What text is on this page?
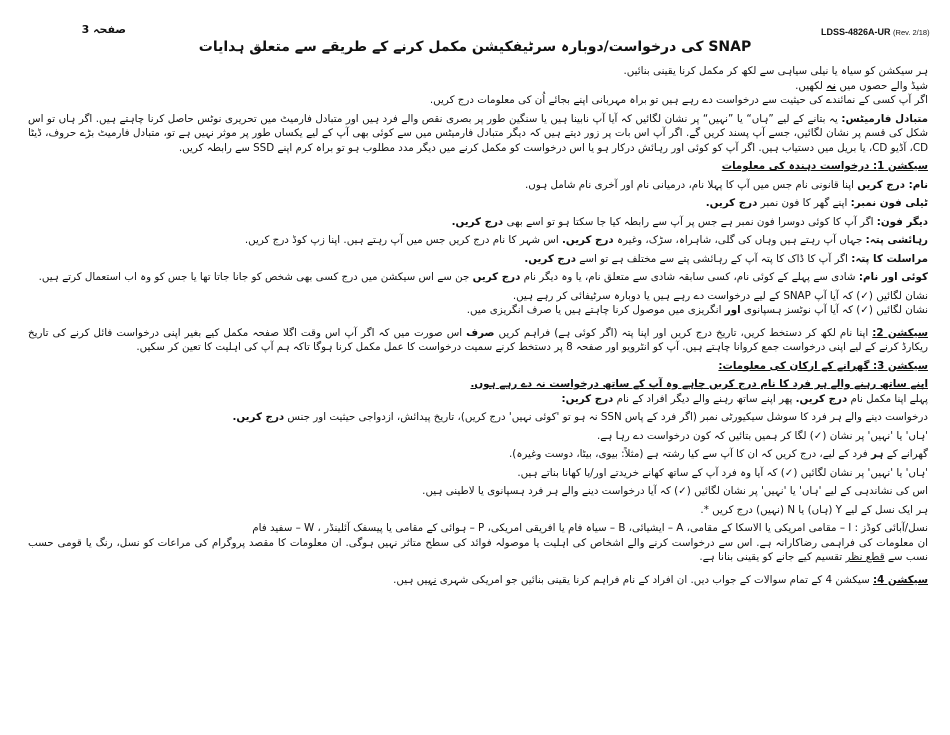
LDSS-4826A-UR (Rev. 2/18)
صفحہ 3
SNAP کی درخواست/دوبارہ سرٹیفکیشن مکمل کرنے کے طریقے سے متعلق ہدایات

ہر سیکشن کو سیاہ یا نیلی سیاہی سے لکھ کر مکمل کرنا یقینی بنائیں.

شیڈ والے حصوں میں نہ لکھیں.

اگر آپ کسی کے نمائندے کی حیثیت سے درخواست دے رہے ہیں تو براہ مہربانی اپنے بجائے اُن کی معلومات درج کریں.

متبادل فارمیٹس: یہ بتانے کے لیے ”ہاں“ یا ”نہیں“ پر نشان لگائیں کہ آیا آپ نابینا ہیں یا سنگین طور پر بصری نقص والے فرد ہیں اور متبادل فارمیٹ میں تحریری نوٹس حاصل کرنا چاہتے ہیں. اگر ہاں تو اس شکل کی قسم پر نشان لگائیں، جسے آپ پسند کریں گے. اگر آپ اس بات پر زور دیتے ہیں کہ دیگر متبادل فارمیٹس میں سے کوئی بھی آپ کے لیے یکساں طور پر موثر نہیں ہے تو، متبادل فارمیٹ بڑے حروف، ڈیٹا CD، آڈیو CD، یا بریل میں دستیاب ہیں. اگر آپ کو کوئی اور رہائش درکار ہو یا اس درخواست کو مکمل کرنے میں دیگر مدد مطلوب ہو تو براہ کرم اپنے SSD سے رابطہ کریں.

سیکشن 1: درخواست دہندہ کی معلومات

نام: درج کریں اپنا قانونی نام جس میں آپ کا پہلا نام، درمیانی نام اور آخری نام شامل ہوں.

ٹیلی فون نمبر: اپنے گھر کا فون نمبر درج کریں.

دیگر فون: اگر آپ کا کوئی دوسرا فون نمبر ہے جس پر آپ سے رابطہ کیا جا سکتا ہو تو اسے بھی درج کریں.

رہائشی پتہ: جہاں آپ رہتے ہیں وہاں کی گلی، شاہراہ، سڑک، وغیرہ درج کریں. اس شہر کا نام درج کریں جس میں آپ رہتے ہیں. اپنا زپ کوڈ درج کریں.

مراسلت کا پتہ: اگر آپ کا ڈاک کا پتہ آپ کے رہائشی پتے سے مختلف ہے تو اسے درج کریں.

کوئی اور نام: شادی سے پہلے کے کوئی نام، کسی سابقہ شادی سے متعلق نام، یا وہ دیگر نام درج کریں جن سے اس سیکشن میں درج کسی بھی شخص کو جانا جاتا تھا یا جس کو وہ اب استعمال کرتے ہیں.

نشان لگائیں (✓) کہ آیا آپ SNAP کے لیے درخواست دے رہے ہیں یا دوبارہ سرٹیفائی کر رہے ہیں.

نشان لگائیں (✓) کہ آیا آپ نوٹسز ہسپانوی اور انگریزی میں موصول کرنا چاہتے ہیں یا صرف انگریزی میں.

سیکشن 2: اپنا نام لکھ کر دستخط کریں، تاریخ درج کریں اور اپنا پتہ (اگر کوئی ہے) فراہم کریں صرف اس صورت میں کہ اگر آپ اس وقت اگلا صفحہ مکمل کیے بغیر اپنی درخواست فائل کرنے کی تاریخ ریکارڈ کرنے کے لیے اپنی درخواست جمع کروانا چاہتے ہیں. آپ کو انٹرویو اور صفحہ 8 پر دستخط کرنے سمیت درخواست کا عمل مکمل کرنا ہوگا تاکہ ہم آپ کی اہلیت کا تعین کر سکیں.

سیکشن 3: گھرانے کے ارکان کی معلومات:

اپنے ساتھ رہنے والے ہر فرد کا نام درج کریں چاہے وہ آپ کے ساتھ درخواست نہ دے رہے ہوں.

پہلے اپنا مکمل نام درج کریں. پھر اپنے ساتھ رہنے والے دیگر افراد کے نام درج کریں:

درخواست دینے والے ہر فرد کا سوشل سیکیورٹی نمبر (اگر فرد کے پاس SSN نہ ہو تو 'کوئی نہیں' درج کریں)، تاریخ پیدائش، ازدواجی حیثیت اور جنس درج کریں.

'ہاں' یا 'نہیں' پر نشان (✓) لگا کر ہمیں بتائیں کہ کون درخواست دے رہا ہے.

گھرانے کے ہر فرد کے لیے، درج کریں کہ ان کا آپ سے کیا رشتہ ہے (مثلاً: بیوی، بیٹا، دوست وغیرہ).

'ہاں' یا 'نہیں' پر نشان لگائیں (✓) کہ آیا وہ فرد آپ کے ساتھ کھانے خریدتے اور/یا کھانا بناتے ہیں.

اس کی نشاندہی کے لیے 'ہاں' یا 'نہیں' پر نشان لگائیں (✓) کہ آیا درخواست دینے والے ہر فرد ہسپانوی یا لاطینی ہیں.

ہر ایک نسل کے لیے Y (ہاں) یا N (نہیں) درج کریں *.

نسل/آبائی کوڈز : I – مقامی امریکی یا الاسکا کے مقامی، A – ایشیائی، B – سیاہ فام یا افریقی امریکی، P – ہوائی کے مقامی یا پیسفک آئلینڈر ، W – سفید فام

ان معلومات کی فراہمی رضاکارانہ ہے. اس سے درخواست کرنے والے اشخاص کی اہلیت یا موصولہ فوائد کی سطح متاثر نہیں ہوگی. ان معلومات کا مقصد پروگرام کی مراعات کو نسل، رنگ یا قومی حسب نسب سے قطع نظر تقسیم کیے جانے کو یقینی بنانا ہے.

سیکشن 4: سیکشن 4 کے تمام سوالات کے جواب دیں. ان افراد کے نام فراہم کرنا یقینی بنائیں جو امریکی شہری نہیں ہیں.
